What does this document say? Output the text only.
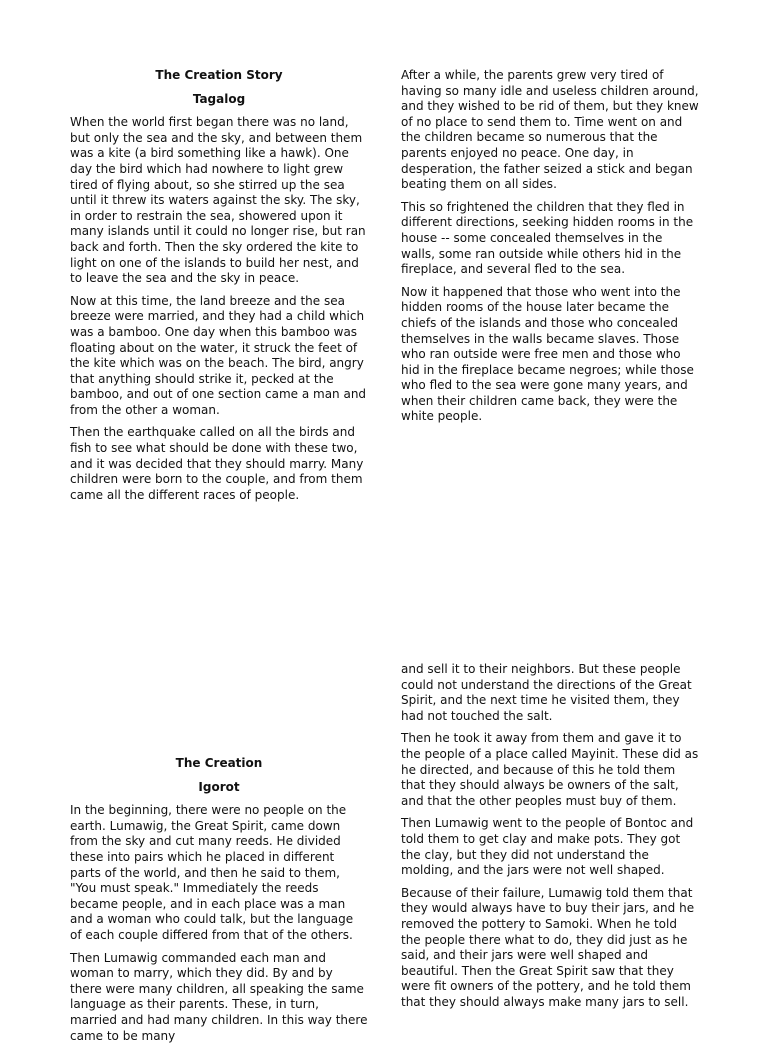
The Creation Story
Tagalog

When the world first began there was no land, but only the sea and the sky, and between them was a kite (a bird something like a hawk). One day the bird which had nowhere to light grew tired of flying about, so she stirred up the sea until it threw its waters against the sky. The sky, in order to restrain the sea, showered upon it many islands until it could no longer rise, but ran back and forth. Then the sky ordered the kite to light on one of the islands to build her nest, and to leave the sea and the sky in peace.

Now at this time, the land breeze and the sea breeze were married, and they had a child which was a bamboo. One day when this bamboo was floating about on the water, it struck the feet of the kite which was on the beach. The bird, angry that anything should strike it, pecked at the bamboo, and out of one section came a man and from the other a woman.

Then the earthquake called on all the birds and fish to see what should be done with these two, and it was decided that they should marry. Many children were born to the couple, and from them came all the different races of people.

After a while, the parents grew very tired of having so many idle and useless children around, and they wished to be rid of them, but they knew of no place to send them to. Time went on and the children became so numerous that the parents enjoyed no peace. One day, in desperation, the father seized a stick and began beating them on all sides.

This so frightened the children that they fled in different directions, seeking hidden rooms in the house -- some concealed themselves in the walls, some ran outside while others hid in the fireplace, and several fled to the sea.

Now it happened that those who went into the hidden rooms of the house later became the chiefs of the islands and those who concealed themselves in the walls became slaves. Those who ran outside were free men and those who hid in the fireplace became negroes; while those who fled to the sea were gone many years, and when their children came back, they were the white people.

The Creation
Igorot

In the beginning, there were no people on the earth. Lumawig, the Great Spirit, came down from the sky and cut many reeds. He divided these into pairs which he placed in different parts of the world, and then he said to them, "You must speak." Immediately the reeds became people, and in each place was a man and a woman who could talk, but the language of each couple differed from that of the others.

Then Lumawig commanded each man and woman to marry, which they did. By and by there were many children, all speaking the same language as their parents. These, in turn, married and had many children. In this way there came to be many

and sell it to their neighbors. But these people could not understand the directions of the Great Spirit, and the next time he visited them, they had not touched the salt.

Then he took it away from them and gave it to the people of a place called Mayinit. These did as he directed, and because of this he told them that they should always be owners of the salt, and that the other peoples must buy of them.

Then Lumawig went to the people of Bontoc and told them to get clay and make pots. They got the clay, but they did not understand the molding, and the jars were not well shaped.

Because of their failure, Lumawig told them that they would always have to buy their jars, and he removed the pottery to Samoki. When he told the people there what to do, they did just as he said, and their jars were well shaped and beautiful. Then the Great Spirit saw that they were fit owners of the pottery, and he told them that they should always make many jars to sell.
